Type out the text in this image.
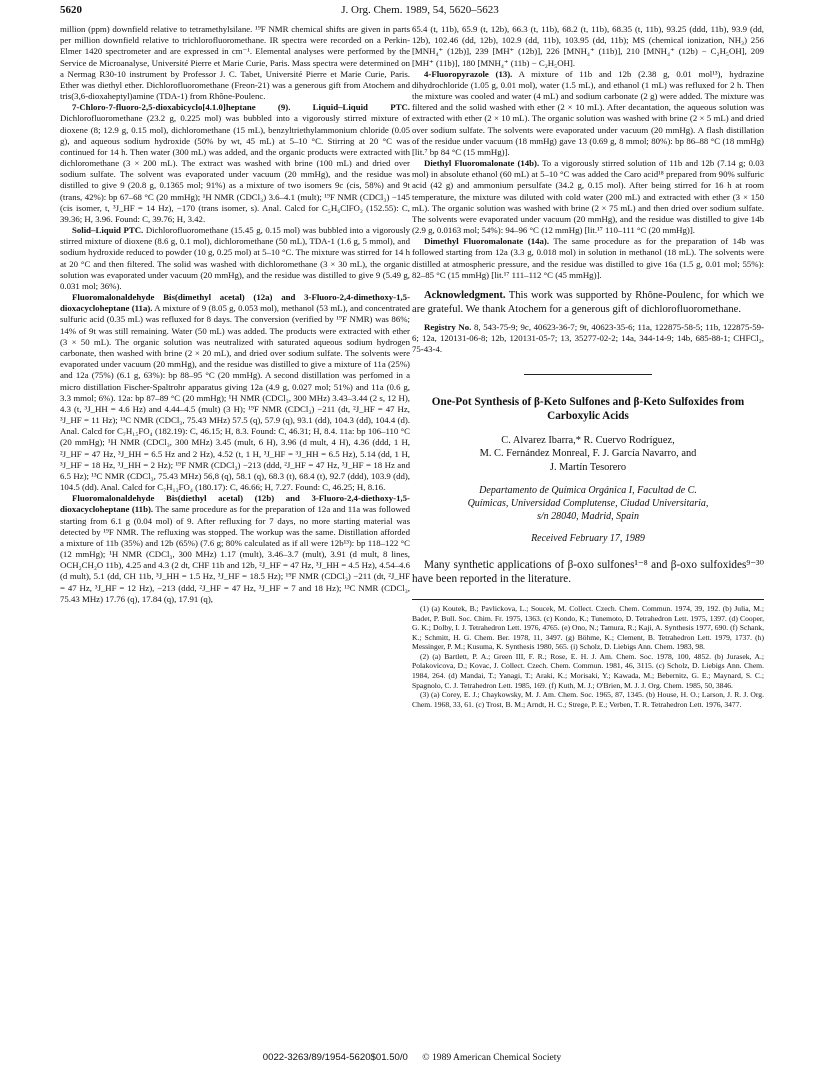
5620	J. Org. Chem. 1989, 54, 5620–5623

million (ppm) downfield relative to tetramethylsilane. ¹⁹F NMR chemical shifts are given in parts per million downfield relative to trichlorofluoromethane. IR spectra were recorded on a Perkin-Elmer 1420 spectrometer and are expressed in cm⁻¹. Elemental analyses were performed by the Service de Microanalyse, Université Pierre et Marie Curie, Paris. Mass spectra were determined on a Nermag R30-10 instrument by Professor J. C. Tabet, Université Pierre et Marie Curie, Paris. Ether was diethyl ether. Dichlorofluoromethane (Freon-21) was a generous gift from Atochem and tris(3,6-dioxaheptyl)amine (TDA-1) from Rhône-Poulenc.

7-Chloro-7-fluoro-2,5-dioxabicyclo[4.1.0]heptane (9). Liquid–Liquid PTC. Dichlorofluoromethane (23.2 g, 0.225 mol) was bubbled into a vigorously stirred mixture of dioxene (8; 12.9 g, 0.15 mol), dichloromethane (15 mL), benzyltriethylammonium chloride (0.05 g), and aqueous sodium hydroxide (50% by wt, 45 mL) at 5–10 °C. Stirring at 20 °C was continued for 14 h. Then water (300 mL) was added, and the organic products were extracted with dichloromethane (3 × 200 mL). The extract was washed with brine (100 mL) and dried over sodium sulfate. The solvent was evaporated under vacuum (20 mmHg), and the residue was distilled to give 9 (20.8 g, 0.1365 mol; 91%) as a mixture of two isomers 9c (cis, 58%) and 9t (trans, 42%): bp 67–68 °C (20 mmHg); ¹H NMR (CDCl₃) 3.6–4.1 (mult); ¹⁹F NMR (CDCl₃) −145 (cis isomer, t, ³J_HF = 14 Hz), −170 (trans isomer, s). Anal. Calcd for C₅H₆ClFO₂ (152.55): C, 39.36; H, 3.96. Found: C, 39.76; H, 3.42.

Solid–Liquid PTC. Dichlorofluoromethane (15.45 g, 0.15 mol) was bubbled into a vigorously stirred mixture of dioxene (8.6 g, 0.1 mol), dichloromethane (50 mL), TDA-1 (1.6 g, 5 mmol), and sodium hydroxide reduced to powder (10 g, 0.25 mol) at 5–10 °C. The mixture was stirred for 14 h at 20 °C and then filtered. The solid was washed with dichloromethane (3 × 30 mL), the organic solution was evaporated under vacuum (20 mmHg), and the residue was distilled to give 9 (5.49 g, 0.031 mol; 36%).

Fluoromalonaldehyde Bis(dimethyl acetal) (12a) and 3-Fluoro-2,4-dimethoxy-1,5-dioxacycloheptane (11a). A mixture of 9 (8.05 g, 0.053 mol), methanol (53 mL), and concentrated sulfuric acid (0.35 mL) was refluxed for 8 days. The conversion (verified by ¹⁹F NMR) was 86%; 14% of 9t was still remaining. Water (50 mL) was added. The products were extracted with ether (3 × 50 mL). The organic solution was neutralized with saturated aqueous sodium hydrogen carbonate, then washed with brine (2 × 20 mL), and dried over sodium sulfate. The solvents were evaporated under vacuum (20 mmHg), and the residue was distilled to give a mixture of 11a (25%) and 12a (75%) (6.1 g, 63%): bp 88–95 °C (20 mmHg). A second distillation was perfomed in a micro distillation Fischer-Spaltrohr apparatus giving 12a (4.9 g, 0.027 mol; 51%) and 11a (0.6 g, 3.3 mmol; 6%). 12a: bp 87–89 °C (20 mmHg); ¹H NMR (CDCl₃, 300 MHz) 3.43–3.44 (2 s, 12 H), 4.3 (t, ³J_HH = 4.6 Hz) and 4.44–4.5 (mult) (3 H); ¹⁹F NMR (CDCl₃) −211 (dt, ²J_HF = 47 Hz, ³J_HF = 11 Hz); ¹³C NMR (CDCl₃, 75.43 MHz) 57.5 (q), 57.9 (q), 93.1 (dd), 104.3 (dd), 104.4 (d). Anal. Calcd for C₇H₁₅FO₄ (182.19): C, 46.15; H, 8.3. Found: C, 46.31; H, 8.4. 11a: bp 106–110 °C (20 mmHg); ¹H NMR (CDCl₃, 300 MHz) 3.45 (mult, 6 H), 3.96 (d mult, 4 H), 4.36 (ddd, 1 H, ²J_HF = 47 Hz, ³J_HH = 6.5 Hz and 2 Hz), 4.52 (t, 1 H, ³J_HF = ³J_HH = 6.5 Hz), 5.14 (dd, 1 H, ³J_HF = 18 Hz, ³J_HH = 2 Hz); ¹⁹F NMR (CDCl₃) −213 (ddd, ²J_HF = 47 Hz, ³J_HF = 18 Hz and 6.5 Hz); ¹³C NMR (CDCl₃, 75.43 MHz) 56,8 (q), 58.1 (q), 68.3 (t), 68.4 (t), 92.7 (ddd), 103.9 (dd), 104.5 (dd). Anal. Calcd for C₇H₁₃FO₄ (180.17): C, 46.66; H, 7.27. Found: C, 46.25; H, 8.16.

Fluoromalonaldehyde Bis(diethyl acetal) (12b) and 3-Fluoro-2,4-diethoxy-1,5-dioxacycloheptane (11b). The same procedure as for the preparation of 12a and 11a was followed starting from 6.1 g (0.04 mol) of 9. After refluxing for 7 days, no more starting material was detected by ¹⁹F NMR. The refluxing was stopped. The workup was the same. Distillation afforded a mixture of 11b (35%) and 12b (65%) (7.6 g; 80% calculated as if all were 12b¹³): bp 118–122 °C (12 mmHg); ¹H NMR (CDCl₃, 300 MHz) 1.17 (mult), 3.46–3.7 (mult), 3.91 (d mult, 8 lines, OCH₂CH₂O 11b), 4.25 and 4.3 (2 dt, CHF 11b and 12b, ²J_HF = 47 Hz, ³J_HH = 4.5 Hz), 4.54–4.6 (d mult), 5.1 (dd, CH 11b, ³J_HH = 1.5 Hz, ³J_HF = 18.5 Hz); ¹⁹F NMR (CDCl₃) −211 (dt, ²J_HF = 47 Hz, ³J_HF = 12 Hz), −213 (ddd, ²J_HF = 47 Hz, ³J_HF = 7 and 18 Hz); ¹³C NMR (CDCl₃, 75.43 MHz) 17.76 (q), 17.84 (q), 17.91 (q),

65.4 (t, 11b), 65.9 (t, 12b), 66.3 (t, 11b), 68.2 (t, 11b), 68.35 (t, 11b), 93.25 (ddd, 11b), 93.9 (dd, 12b), 102.46 (dd, 12b), 102.9 (dd, 11b), 103.95 (dd, 11b); MS (chemical ionization, NH₃) 256 [MNH₄⁺ (12b)], 239 [MH⁺ (12b)], 226 [MNH₄⁺ (11b)], 210 [MNH₄⁺ (12b) − C₂H₅OH], 209 [MH⁺ (11b)], 180 [MNH₄⁺ (11b) − C₂H₅OH].

4-Fluoropyrazole (13). A mixture of 11b and 12b (2.38 g, 0.01 mol¹³), hydrazine dihydrochloride (1.05 g, 0.01 mol), water (1.5 mL), and ethanol (1 mL) was refluxed for 2 h. Then the mixture was cooled and water (4 mL) and sodium carbonate (2 g) were added. The mixture was filtered and the solid washed with ether (2 × 10 mL). After decantation, the aqueous solution was extracted with ether (2 × 10 mL). The organic solution was washed with brine (2 × 5 mL) and dried over sodium sulfate. The solvents were evaporated under vacuum (20 mmHg). A flash distillation of the residue under vacuum (18 mmHg) gave 13 (0.69 g, 8 mmol; 80%): bp 86–88 °C (18 mmHg) [lit.⁷ bp 84 °C (15 mmHg)].

Diethyl Fluoromalonate (14b). To a vigorously stirred solution of 11b and 12b (7.14 g; 0.03 mol) in absolute ethanol (60 mL) at 5–10 °C was added the Caro acid¹⁸ prepared from 90% sulfuric acid (42 g) and ammonium persulfate (34.2 g, 0.15 mol). After being stirred for 16 h at room temperature, the mixture was diluted with cold water (200 mL) and extracted with ether (3 × 150 mL). The organic solution was washed with brine (2 × 75 mL) and then dried over sodium sulfate. The solvents were evaporated under vacuum (20 mmHg), and the residue was distilled to give 14b (2.9 g, 0.0163 mol; 54%): 94–96 °C (12 mmHg) [lit.¹⁷ 110–111 °C (20 mmHg)].

Dimethyl Fluoromalonate (14a). The same procedure as for the preparation of 14b was followed starting from 12a (3.3 g, 0.018 mol) in solution in methanol (18 mL). The solvents were distilled at atmospheric pressure, and the residue was distilled to give 16a (1.5 g, 0.01 mol; 55%): 82–85 °C (15 mmHg) [lit.¹⁷ 111–112 °C (45 mmHg)].

Acknowledgment. This work was supported by Rhône-Poulenc, for which we are grateful. We thank Atochem for a generous gift of dichlorofluoromethane.

Registry No. 8, 543-75-9; 9c, 40623-36-7; 9t, 40623-35-6; 11a, 122875-58-5; 11b, 122875-59-6; 12a, 120131-06-8; 12b, 120131-05-7; 13, 35277-02-2; 14a, 344-14-9; 14b, 685-88-1; CHFCl₂, 75-43-4.

One-Pot Synthesis of β-Keto Sulfones and β-Keto Sulfoxides from Carboxylic Acids
C. Alvarez Ibarra,* R. Cuervo Rodríguez,
M. C. Fernández Monreal, F. J. García Navarro, and
J. Martín Tesorero
Departamento de Química Orgánica I, Facultad de C.
Químicas, Universidad Complutense, Ciudad Universitaria,
s/n 28040, Madrid, Spain
Received February 17, 1989

Many synthetic applications of β-oxo sulfones¹⁻⁸ and β-oxo sulfoxides⁹⁻³⁰ have been reported in the literature.

(1) (a) Koutek, B.; Pavlickova, L.; Soucek, M. Collect. Czech. Chem. Commun. 1974, 39, 192. (b) Julia, M.; Badet, P. Bull. Soc. Chim. Fr. 1975, 1363. (c) Kondo, K.; Tunemoto, D. Tetrahedron Lett. 1975, 1397. (d) Cooper, G. K.; Dolby, I. J. Tetrahedron Lett. 1976, 4765. (e) Ono, N.; Tamura, R.; Kaji, A. Synthesis 1977, 690. (f) Schank, K.; Schmitt, H. G. Chem. Ber. 1978, 11, 3497. (g) Böhme, K.; Clement, B. Tetrahedron Lett. 1979, 1737. (h) Messinger, P. M.; Kusuma, K. Synthesis 1980, 565. (i) Scholz, D. Liebigs Ann. Chem. 1983, 98.

(2) (a) Bartlett, P. A.; Green III, F. R.; Rose, E. H. J. Am. Chem. Soc. 1978, 100, 4852. (b) Jurasek, A.; Polakovicova, D.; Kovac, J. Collect. Czech. Chem. Commun. 1981, 46, 3115. (c) Scholz, D. Liebigs Ann. Chem. 1984, 264. (d) Mandai, T.; Yanagi, T.; Araki, K.; Morisaki, Y.; Kawada, M.; Bebernitz, G. E.; Maynard, S. C.; Spagnolo, C. J. Tetrahedron Lett. 1985, 169. (f) Kuth, M. J.; O'Brien, M. J. J. Org. Chem. 1985, 50, 3846.

(3) (a) Corey, E. J.; Chaykowsky, M. J. Am. Chem. Soc. 1965, 87, 1345. (b) House, H. O.; Larson, J. R. J. Org. Chem. 1968, 33, 61. (c) Trost, B. M.; Arndt, H. C.; Strege, P. E.; Verben, T. R. Tetrahedron Lett. 1976, 3477.

0022-3263/89/1954-5620$01.50/0 © 1989 American Chemical Society
